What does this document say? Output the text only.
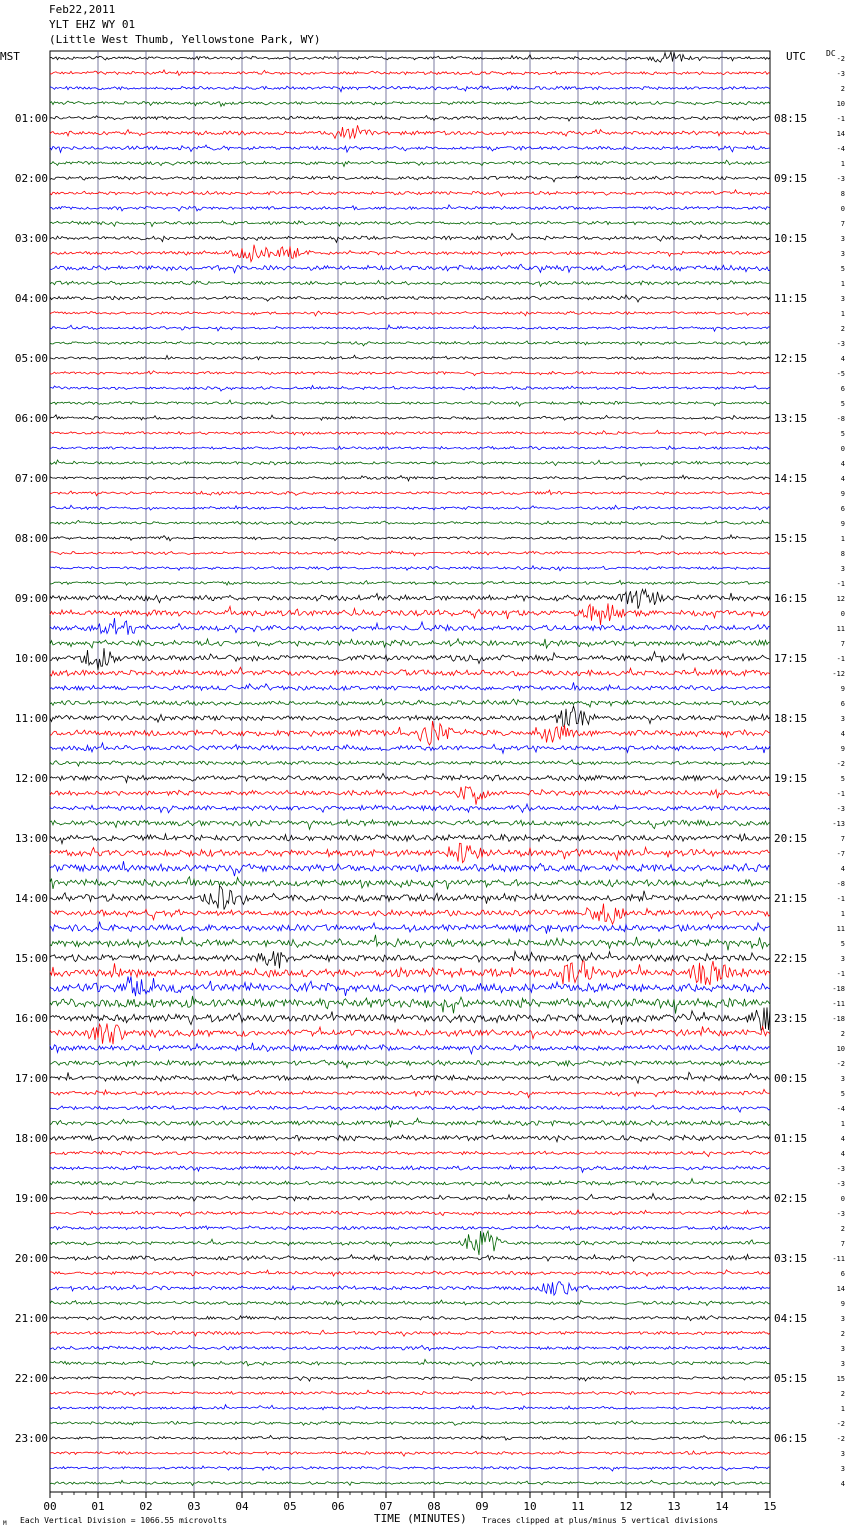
Feb22,2011
YLT EHZ WY 01
(Little West Thumb, Yellowstone Park, WY)
00	01	02	03	04	05	06	07	08	09	10	11	12	13	14	15
01:00	08:15
02:00	09:15
03:00	10:15
04:00	11:15
05:00	12:15
06:00	13:15
07:00	14:15
08:00	15:15
09:00	16:15
10:00	17:15
11:00	18:15
12:00	19:15
13:00	20:15
14:00	21:15
15:00	22:15
16:00	23:15
17:00	00:15
18:00	01:15
19:00	02:15
20:00	03:15
21:00	04:15
22:00	05:15
23:00	06:15
-2
-3
2
10
-1
14
-4
1
-3
8
0
7
3
3
5
1
3
1
2
-3
4
-5
6
5
-8
5
0
4
4
9
6
9
1
8
3
-1
12
0
11
7
-1
-12
9
6
3
4
9
-2
5
-1
-3
-13
7
-7
4
-8
-1
1
11
5
3
-1
-18
-11
-18
2
10
-2
3
5
-4
1
4
4
-3
-3
0
-3
2
7
-11
6
14
9
3
2
3
3
15
2
1
-2
-2
3
3
4
MST	UTC	DC
TIME (MINUTES)
M Each Vertical Division = 1066.55 microvolts	Traces clipped at plus/minus 5 vertical divisions
